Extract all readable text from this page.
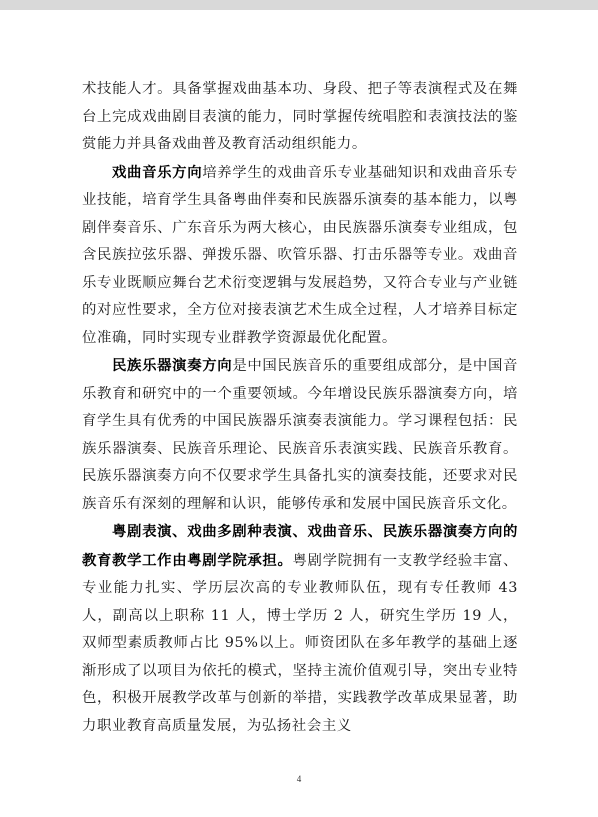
术技能人才。具备掌握戏曲基本功、身段、把子等表演程式及在舞台上完成戏曲剧目表演的能力，同时掌握传统唱腔和表演技法的鉴赏能力并具备戏曲普及教育活动组织能力。

戏曲音乐方向培养学生的戏曲音乐专业基础知识和戏曲音乐专业技能，培育学生具备粤曲伴奏和民族器乐演奏的基本能力，以粤剧伴奏音乐、广东音乐为两大核心，由民族器乐演奏专业组成，包含民族拉弦乐器、弹拨乐器、吹管乐器、打击乐器等专业。戏曲音乐专业既顺应舞台艺术衍变逻辑与发展趋势，又符合专业与产业链的对应性要求，全方位对接表演艺术生成全过程，人才培养目标定位准确，同时实现专业群教学资源最优化配置。

民族乐器演奏方向是中国民族音乐的重要组成部分，是中国音乐教育和研究中的一个重要领域。今年增设民族乐器演奏方向，培育学生具有优秀的中国民族器乐演奏表演能力。学习课程包括：民族乐器演奏、民族音乐理论、民族音乐表演实践、民族音乐教育。民族乐器演奏方向不仅要求学生具备扎实的演奏技能，还要求对民族音乐有深刻的理解和认识，能够传承和发展中国民族音乐文化。

粤剧表演、戏曲多剧种表演、戏曲音乐、民族乐器演奏方向的教育教学工作由粤剧学院承担。粤剧学院拥有一支教学经验丰富、专业能力扎实、学历层次高的专业教师队伍，现有专任教师 43 人，副高以上职称 11 人，博士学历 2 人，研究生学历 19 人，双师型素质教师占比 95%以上。师资团队在多年教学的基础上逐渐形成了以项目为依托的模式，坚持主流价值观引导，突出专业特色，积极开展教学改革与创新的举措，实践教学改革成果显著，助力职业教育高质量发展，为弘扬社会主义

4
